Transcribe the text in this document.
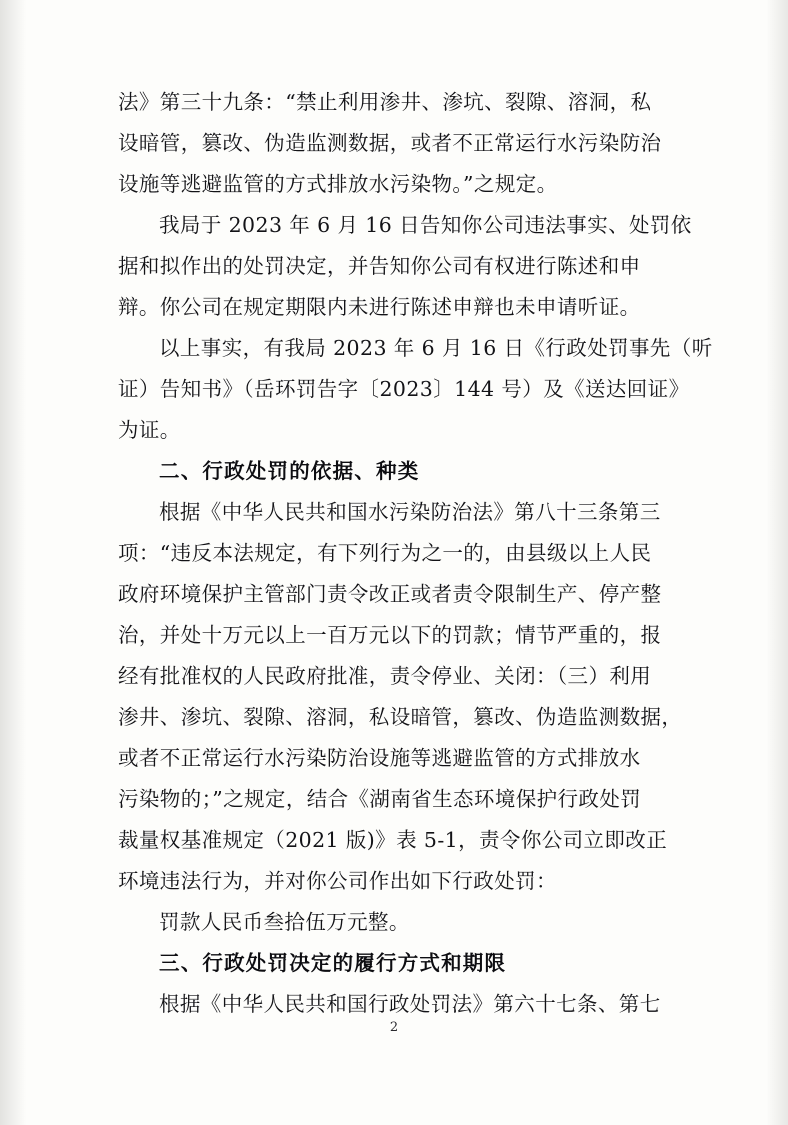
法》第三十九条：“禁止利用渗井、渗坑、裂隙、溶洞，私

设暗管，篡改、伪造监测数据，或者不正常运行水污染防治

设施等逃避监管的方式排放水污染物。”之规定。

我局于 2023 年 6 月 16 日告知你公司违法事实、处罚依

据和拟作出的处罚决定，并告知你公司有权进行陈述和申

辩。你公司在规定期限内未进行陈述申辩也未申请听证。

以上事实，有我局 2023 年 6 月 16 日《行政处罚事先（听

证）告知书》（岳环罚告字〔2023〕144 号）及《送达回证》

为证。

二、行政处罚的依据、种类

根据《中华人民共和国水污染防治法》第八十三条第三

项：“违反本法规定，有下列行为之一的，由县级以上人民

政府环境保护主管部门责令改正或者责令限制生产、停产整

治，并处十万元以上一百万元以下的罚款；情节严重的，报

经有批准权的人民政府批准，责令停业、关闭：（三）利用

渗井、渗坑、裂隙、溶洞，私设暗管，篡改、伪造监测数据，

或者不正常运行水污染防治设施等逃避监管的方式排放水

污染物的；”之规定，结合《湖南省生态环境保护行政处罚

裁量权基准规定（2021 版)》表 5-1，责令你公司立即改正

环境违法行为，并对你公司作出如下行政处罚：

罚款人民币叁拾伍万元整。

三、行政处罚决定的履行方式和期限

根据《中华人民共和国行政处罚法》第六十七条、第七

2
